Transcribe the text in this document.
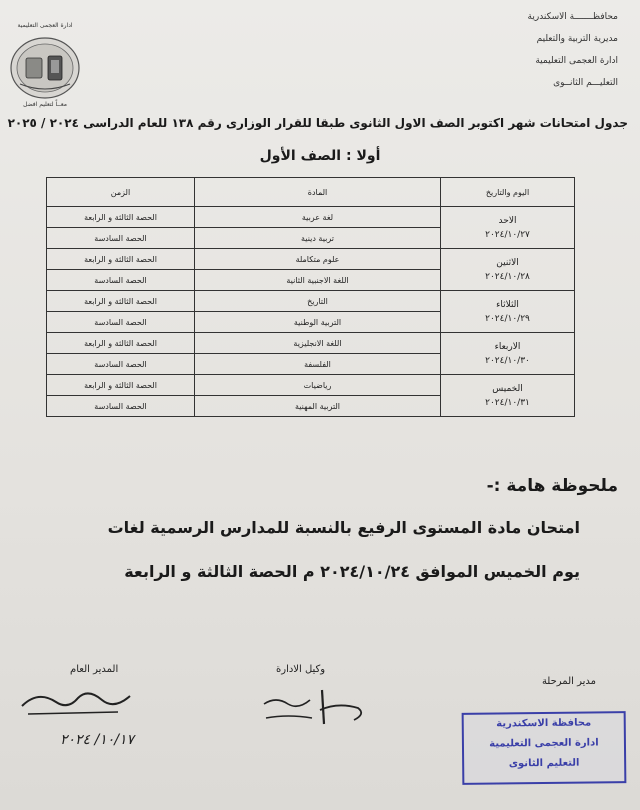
محافظـــــــة الاسكندرية
مديرية التربية والتعليم
ادارة العجمى التعليمية
التعليـــم الثانــوى
ادارة العجمى التعليمية
معــاً لتعليم افضل
جدول امتحانات شهر اكتوبر الصف الاول الثانوى طبقا للقرار الوزارى رقم ١٣٨ للعام الدراسى ٢٠٢٤ / ٢٠٢٥
أولا : الصف الأول
اليوم والتاريخ	المادة	الزمن

الاحد
٢٠٢٤/١٠/٢٧	لغة عربية	الحصة الثالثة و الرابعة
	تربية دينية	الحصة السادسة

الاثنين
٢٠٢٤/١٠/٢٨	علوم متكاملة	الحصة الثالثة و الرابعة
	اللغة الاجنبية الثانية	الحصة السادسة

الثلاثاء
٢٠٢٤/١٠/٢٩	التاريخ	الحصة الثالثة و الرابعة
	التربية الوطنية	الحصة السادسة

الاربعاء
٢٠٢٤/١٠/٣٠	اللغة الانجليزية	الحصة الثالثة و الرابعة
	الفلسفة	الحصة السادسة

الخميس
٢٠٢٤/١٠/٣١	رياضيات	الحصة الثالثة و الرابعة
	التربية المهنية	الحصة السادسة
ملحوظة هامة :-
امتحان مادة المستوى الرفيع بالنسبة للمدارس الرسمية لغات
يوم الخميس الموافق ٢٠٢٤/١٠/٢٤ م الحصة الثالثة و الرابعة
مدير المرحلة
وكيل الادارة
المدير العام
١٠/١٧/ ٢٠٢٤
محافظة الاسكندرية
ادارة العجمى التعليمية
التعليم الثانوى
